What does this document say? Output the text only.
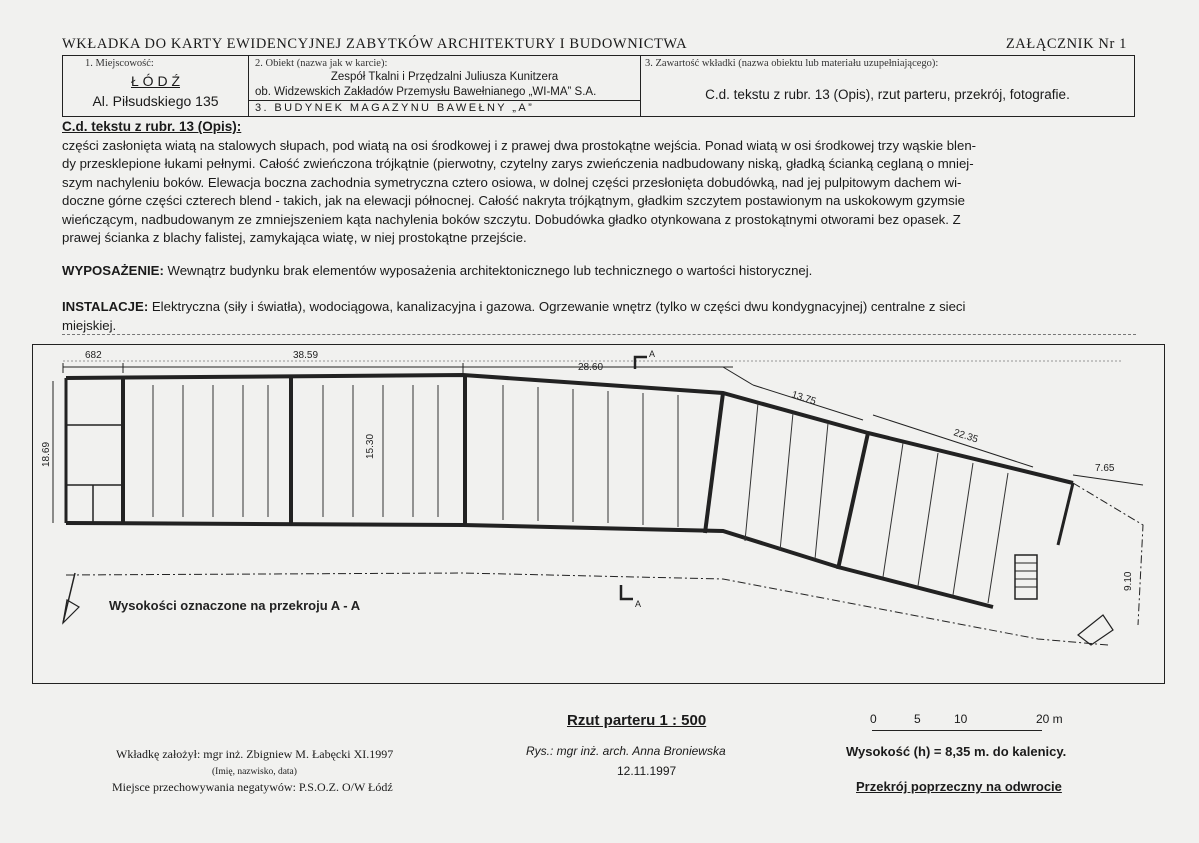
WKŁADKA DO KARTY EWIDENCYJNEJ ZABYTKÓW ARCHITEKTURY I BUDOWNICTWA	ZAŁĄCZNIK Nr 1
1. Miejscowość:
Ł Ó D Ź
Al. Piłsudskiego 135
2. Obiekt (nazwa jak w karcie):
Zespół Tkalni i Przędzalni Juliusza Kunitzera
ob. Widzewskich Zakładów Przemysłu Bawełnianego „WI-MA” S.A.
3. BUDYNEK MAGAZYNU BAWEŁNY „A”
3. Zawartość wkładki (nazwa obiektu lub materiału uzupełniającego):
C.d. tekstu z rubr. 13 (Opis), rzut parteru, przekrój, fotografie.
C.d. tekstu z rubr. 13 (Opis):
części zasłonięta wiatą na stalowych słupach, pod wiatą na osi środkowej i z prawej dwa prostokątne wejścia. Ponad wiatą w osi środkowej trzy wąskie blen-
dy przesklepione łukami pełnymi. Całość zwieńczona trójkątnie (pierwotny, czytelny zarys zwieńczenia nadbudowany niską, gładką ścianką ceglaną o mniej-
szym nachyleniu boków. Elewacja boczna zachodnia symetryczna cztero osiowa, w dolnej części przesłonięta dobudówką, nad jej pulpitowym dachem wi-
doczne górne części czterech blend - takich, jak na elewacji północnej. Całość nakryta trójkątnym, gładkim szczytem postawionym na uskokowym gzymsie
wieńczącym, nadbudowanym ze zmniejszeniem kąta nachylenia boków szczytu. Dobudówka gładko otynkowana z prostokątnymi otworami bez opasek. Z
prawej ścianka z blachy falistej, zamykająca wiatę, w niej prostokątne przejście.
WYPOSAŻENIE: Wewnątrz budynku brak elementów wyposażenia architektonicznego lub technicznego o wartości historycznej.
INSTALACJE: Elektryczna (siły i światła), wodociągowa, kanalizacyjna i gazowa. Ogrzewanie wnętrz (tylko w części dwu kondygnacyjnej) centralne z sieci
miejskiej.
682	38.59
28.60
13.75
22.35
7.65
18.69	15.30
9.10
A
A
Wysokości oznaczone na przekroju A - A
Wkładkę założył: mgr inż. Zbigniew M. Łabęcki XI.1997
(Imię, nazwisko, data)
Miejsce przechowywania negatywów: P.S.O.Z. O/W Łódź
Rzut parteru 1 : 500
Rys.: mgr inż. arch. Anna Broniewska
12.11.1997
0	5	10	20 m
Wysokość (h) = 8,35 m. do kalenicy.
Przekrój poprzeczny na odwrocie
